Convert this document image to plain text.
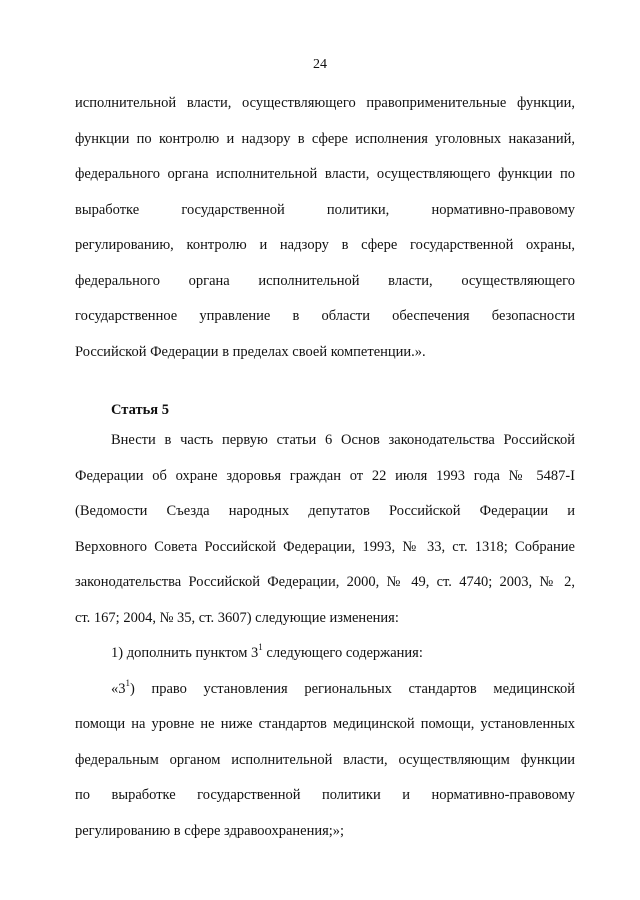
24
исполнительной власти, осуществляющего правоприменительные функции,
функции по контролю и надзору в сфере исполнения уголовных наказаний,
федерального органа исполнительной власти, осуществляющего функции по
выработке государственной политики, нормативно-правовому
регулированию, контролю и надзору в сфере государственной охраны,
федерального органа исполнительной власти, осуществляющего
государственное управление в области обеспечения безопасности
Российской Федерации в пределах своей компетенции.».
Статья 5
Внести в часть первую статьи 6 Основ законодательства Российской
Федерации об охране здоровья граждан от 22 июля 1993 года № 5487-I
(Ведомости Съезда народных депутатов Российской Федерации и
Верховного Совета Российской Федерации, 1993, № 33, ст. 1318; Собрание
законодательства Российской Федерации, 2000, № 49, ст. 4740; 2003, № 2,
ст. 167; 2004, № 35, ст. 3607) следующие изменения:
1) дополнить пунктом $3^1$ следующего содержания:
«$3^1$) право установления региональных стандартов медицинской
помощи на уровне не ниже стандартов медицинской помощи, установленных
федеральным органом исполнительной власти, осуществляющим функции
по выработке государственной политики и нормативно-правовому
регулированию в сфере здравоохранения;»;
